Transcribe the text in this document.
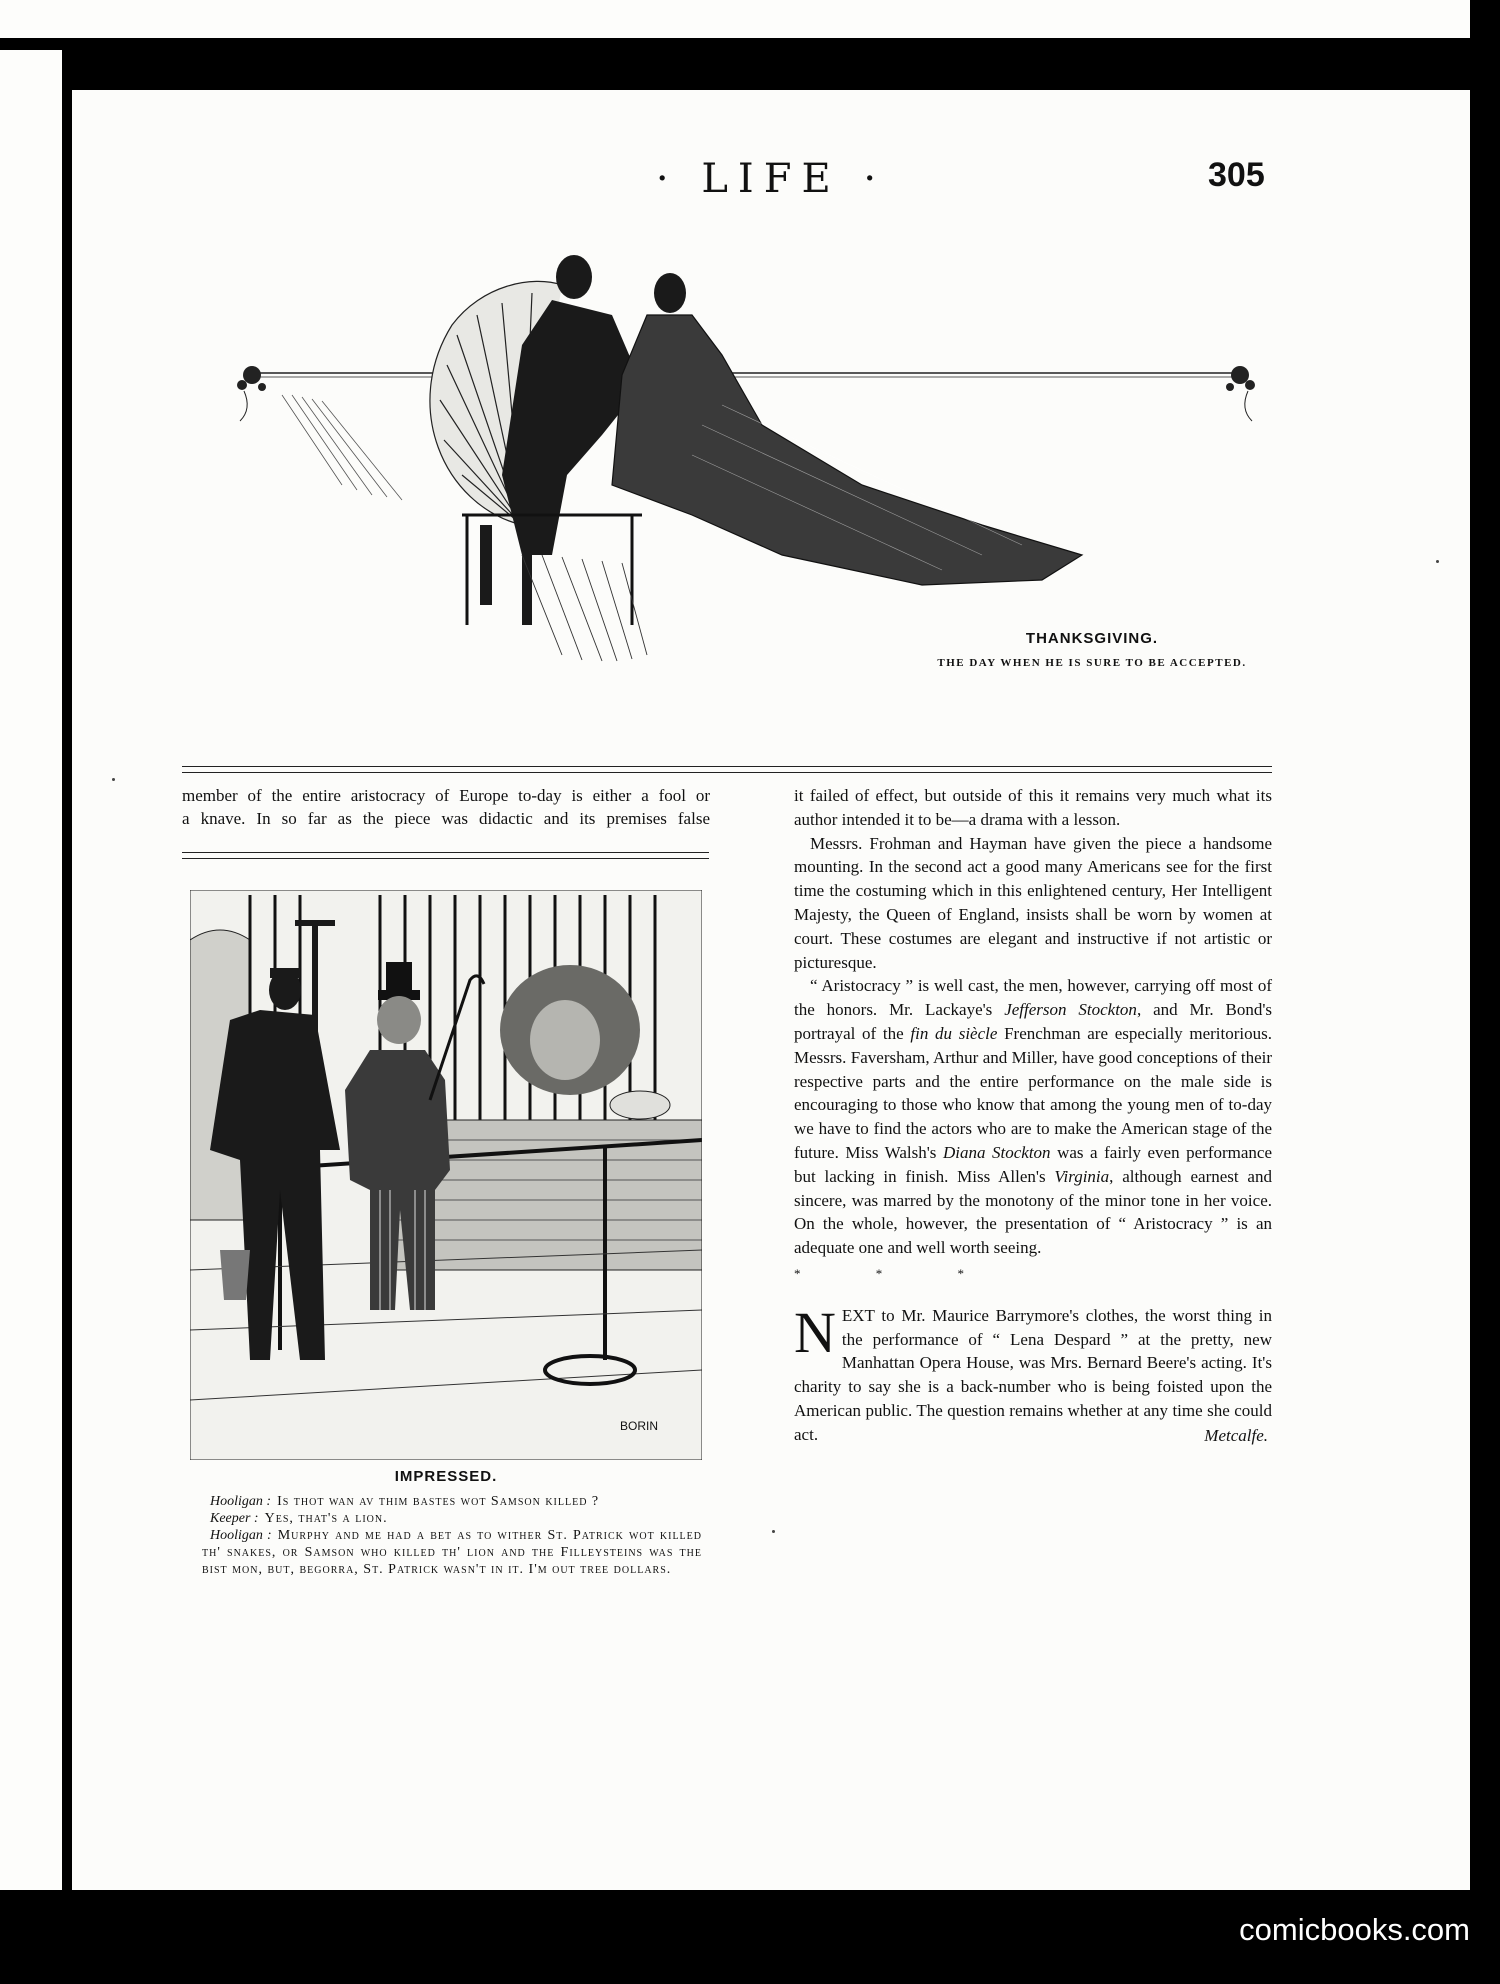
· LIFE ·	305
THANKSGIVING.
THE DAY WHEN HE IS SURE TO BE ACCEPTED.

member of the entire aristocracy of Europe to-day is either a fool or

a knave. In so far as the piece was didactic and its premises false

BORIN
IMPRESSED.
Hooligan : Is thot wan av thim bastes wot Samson killed ?
Keeper : Yes, that's a lion.
Hooligan : Murphy and me had a bet as to wither St. Patrick wot killed th' snakes, or Samson who killed th' lion and the Filleysteins was the bist mon, but, begorra, St. Patrick wasn't in it. I'm out tree dollars.

it failed of effect, but outside of this it remains very much what its author intended it to be—a drama with a lesson.

Messrs. Frohman and Hayman have given the piece a handsome mounting. In the second act a good many Americans see for the first time the costuming which in this enlightened century, Her Intelligent Majesty, the Queen of England, insists shall be worn by women at court. These costumes are elegant and instructive if not artistic or picturesque.

“ Aristocracy ” is well cast, the men, however, carrying off most of the honors. Mr. Lackaye's Jefferson Stockton, and Mr. Bond's portrayal of the fin du siècle Frenchman are especially meritorious. Messrs. Faversham, Arthur and Miller, have good conceptions of their respective parts and the entire performance on the male side is encouraging to those who know that among the young men of to-day we have to find the actors who are to make the American stage of the future. Miss Walsh's Diana Stockton was a fairly even performance but lacking in finish. Miss Allen's Virginia, although earnest and sincere, was marred by the monotony of the minor tone in her voice. On the whole, however, the presentation of “ Aristocracy ” is an adequate one and well worth seeing.

* * *

NEXT to Mr. Maurice Barrymore's clothes, the worst thing in the performance of “ Lena Despard ” at the pretty, new Manhattan Opera House, was Mrs. Bernard Beere's acting. It's charity to say she is a back-number who is being foisted upon the American public. The question remains whether at any time she could act.	Metcalfe.
comicbooks.com
